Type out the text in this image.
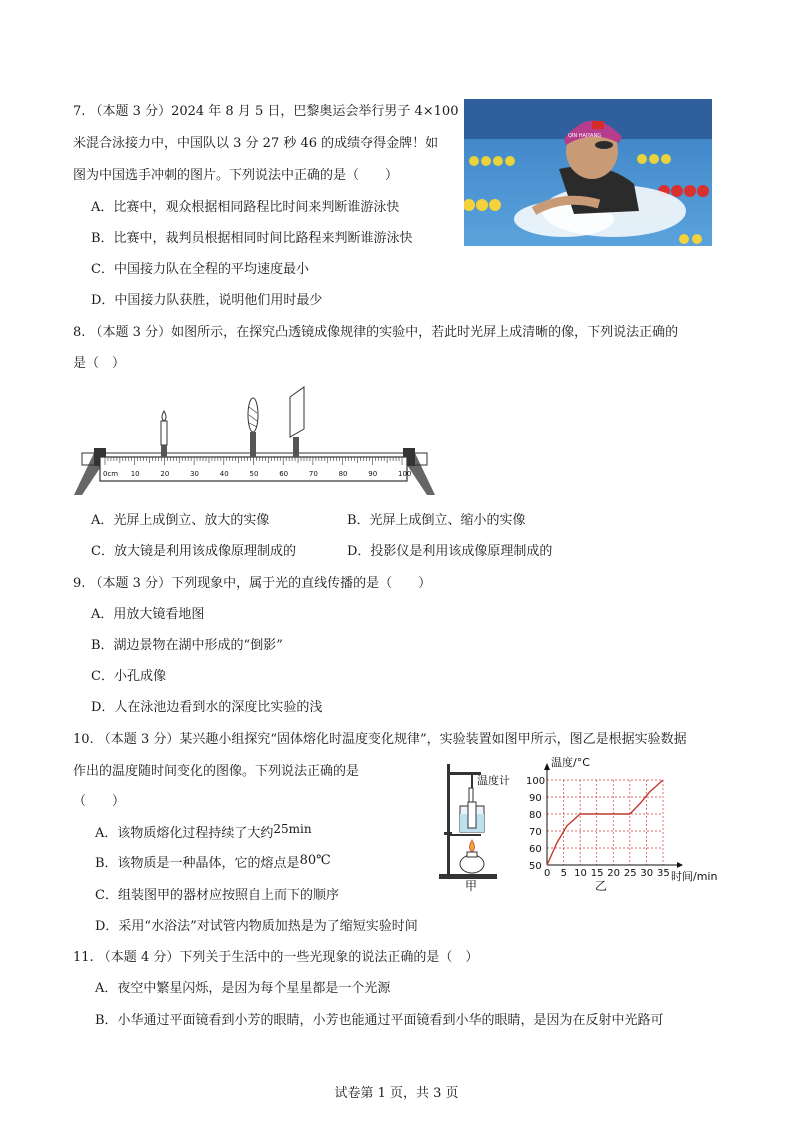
7. （本题 3 分）2024 年 8 月 5 日，巴黎奥运会举行男子 4×100
米混合泳接力中，中国队以 3 分 27 秒 46 的成绩夺得金牌！如
图为中国选手冲刺的图片。下列说法中正确的是（　　）
A．比赛中，观众根据相同路程比时间来判断谁游泳快
B．比赛中，裁判员根据相同时间比路程来判断谁游泳快
C．中国接力队在全程的平均速度最小
D．中国接力队获胜，说明他们用时最少
QIN HAIYANG
8. （本题 3 分）如图所示，在探究凸透镜成像规律的实验中，若此时光屏上成清晰的像，下列说法正确的
是（　）
0cm 10	20	30	40	50	60	70	80	90	100
A．光屏上成倒立、放大的实像	B．光屏上成倒立、缩小的实像
C．放大镜是利用该成像原理制成的	D．投影仪是利用该成像原理制成的
9. （本题 3 分）下列现象中，属于光的直线传播的是（　　）
A．用放大镜看地图
B．湖边景物在湖中形成的“倒影”
C．小孔成像
D．人在泳池边看到水的深度比实验的浅
10. （本题 3 分）某兴趣小组探究“固体熔化时温度变化规律”，实验装置如图甲所示，图乙是根据实验数据
作出的温度随时间变化的图像。下列说法正确的是
（　　）
A．该物质熔化过程持续了大约25min
B．该物质是一种晶体，它的熔点是80℃
C．组装图甲的器材应按照自上而下的顺序
D．采用“水浴法”对试管内物质加热是为了缩短实验时间
温度计
甲
0 5 10 15 20 25 30 35
50
60
70
80
90
100
温度/°C
时间/min
乙
11. （本题 4 分）下列关于生活中的一些光现象的说法正确的是（　）
A．夜空中繁星闪烁，是因为每个星星都是一个光源
B．小华通过平面镜看到小芳的眼睛，小芳也能通过平面镜看到小华的眼睛，是因为在反射中光路可
试卷第 1 页，共 3 页
